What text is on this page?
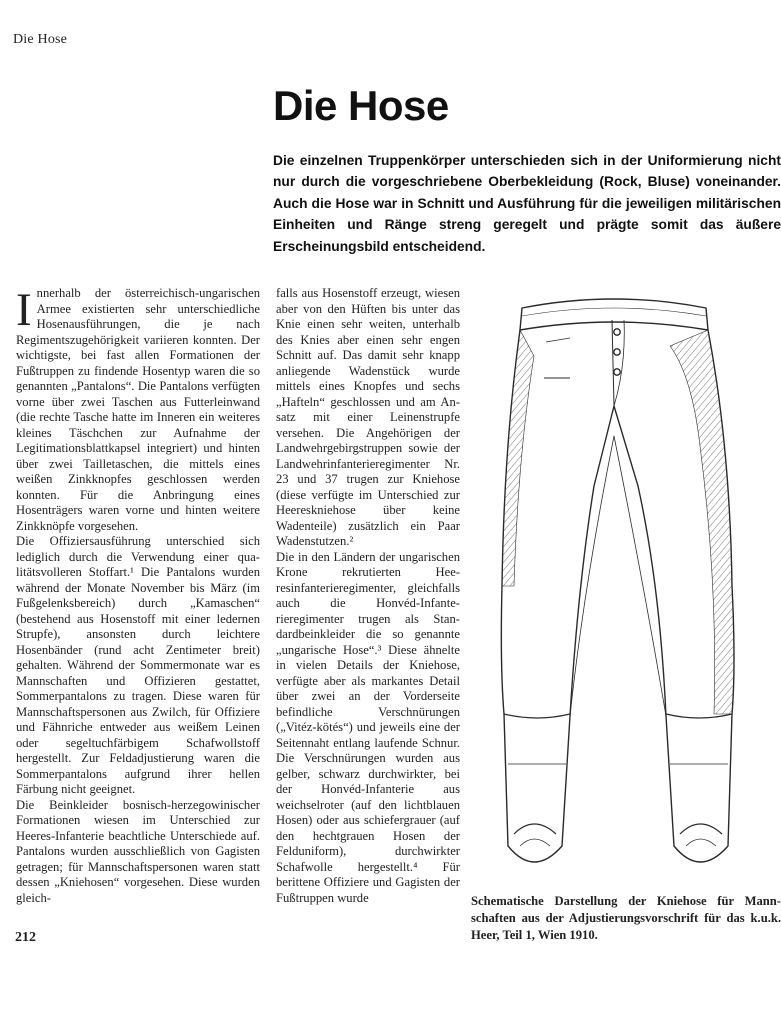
Die Hose
Die Hose
Die einzelnen Truppenkörper unterschieden sich in der Uniformierung nicht nur durch die vorgeschriebene Oberbekleidung (Rock, Bluse) voneinander. Auch die Hose war in Schnitt und Ausführung für die jeweiligen militärischen Einheiten und Ränge streng geregelt und prägte somit das äußere Erscheinungsbild entscheidend.
I nnerhalb der österreichisch-ungarischen Armee existierten sehr unterschiedliche Hosenausführungen, die je nach Regimentszugehörigkeit variieren konnten. Der wichtigste, bei fast allen Formationen der Fußtruppen zu findende Hosentyp waren die so genannten „Pantalons“. Die Pantalons verfügten vorne über zwei Taschen aus Futterleinwand (die rechte Tasche hatte im Inneren ein weiteres kleines Täschchen zur Aufnahme der Legitimationsblattkapsel integriert) und hinten über zwei Tailletaschen, die mittels eines weißen Zinkknopfes geschlossen werden konnten. Für die Anbringung eines Hosenträgers waren vorne und hinten weitere Zinkknöpfe vorgesehen.

Die Offiziersausführung unterschied sich lediglich durch die Verwendung einer qualitätsvolleren Stoffart.¹ Die Pantalons wurden während der Monate November bis März (im Fußgelenksbereich) durch „Kamaschen“ (bestehend aus Hosenstoff mit einer ledernen Strupfe), ansonsten durch leichtere Hosenbänder (rund acht Zentimeter breit) gehalten. Während der Sommermonate war es Mannschaften und Offizieren gestattet, Sommerpantalons zu tragen. Diese waren für Mannschaftspersonen aus Zwilch, für Offiziere und Fähnriche entweder aus weißem Leinen oder segeltuchfärbigem Schafwollstoff hergestellt. Zur Feldadjustierung waren die Sommerpantalons aufgrund ihrer hellen Färbung nicht geeignet.

Die Beinkleider bosnisch-herzegowinischer Formationen wiesen im Unterschied zur Heeres-Infanterie beachtliche Unterschiede auf. Pantalons wurden ausschließlich von Gagisten getragen; für Mannschaftspersonen waren statt dessen „Kniehosen“ vorgesehen. Diese wurden gleich-

falls aus Hosenstoff erzeugt, wiesen aber von den Hüften bis unter das Knie einen sehr weiten, unterhalb des Knies aber einen sehr engen Schnitt auf. Das damit sehr knapp anliegende Wadenstück wurde mittels eines Knopfes und sechs „Hafteln“ geschlossen und am Ansatz mit einer Leinenstrupfe versehen. Die Angehörigen der Landwehrgebirgstruppen sowie der Landwehrinfanterieregimenter Nr. 23 und 37 trugen zur Kniehose (diese verfügte im Unterschied zur Heereskniehose über keine Wadenteile) zusätzlich ein Paar Wadenstutzen.²

Die in den Ländern der ungarischen Krone rekrutierten Heeresinfanterieregimenter, gleichfalls auch die Honvéd-Infanterieregimenter trugen als Standardbeinkleider die so genannte „ungarische Hose“.³ Diese ähnelte in vielen Details der Kniehose, verfügte aber als markantes Detail über zwei an der Vorderseite befindliche Verschnürungen („Vitéz-kötés“) und jeweils eine der Seitennaht entlang laufende Schnur. Die Verschnürungen wurden aus gelber, schwarz durchwirkter, bei der Honvéd-Infanterie aus weichselroter (auf den lichtblauen Hosen) oder aus schiefergrauer (auf den hechtgrauen Hosen der Felduniform), durchwirkter Schafwolle hergestellt.⁴ Für berittene Offiziere und Gagisten der Fußtruppen wurde	Schematische Darstellung der Kniehose für Mannschaften aus der Adjustierungsvorschrift für das k.u.k. Heer, Teil 1, Wien 1910.
212
